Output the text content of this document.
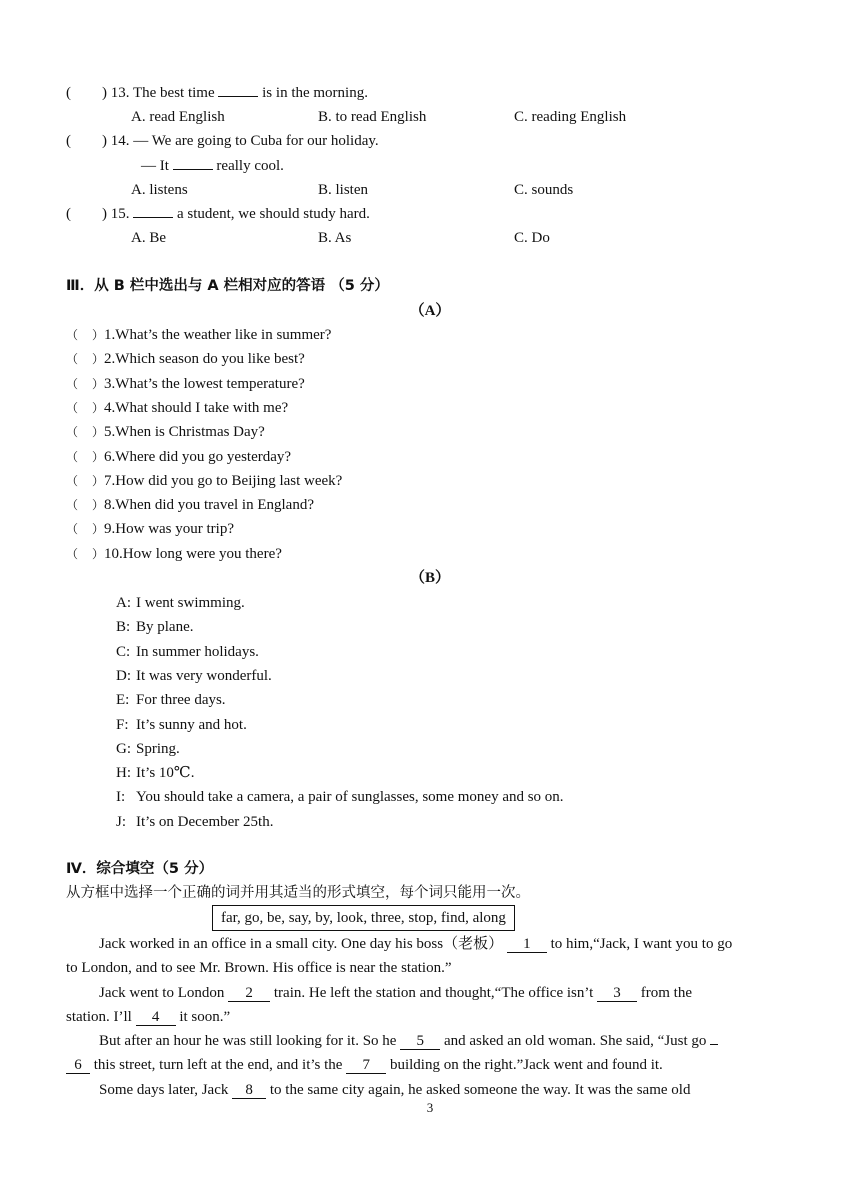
( ) 13. The best time	is in the morning.
A. read English	B. to read English	C. reading English
( ) 14. — We are going to Cuba for our holiday.
— It	really cool.
A. listens	B. listen	C. sounds
( ) 15.	a student, we should study hard.
A. Be	B. As	C. Do
Ⅲ．从 B 栏中选出与 A 栏相对应的答语 （5 分）
（A）
（ ）1.What’s the weather like in summer?
（ ）2.Which season do you like best?
（ ）3.What’s the lowest temperature?
（ ）4.What should I take with me?
（ ）5.When is Christmas Day?
（ ）6.Where did you go yesterday?
（ ）7.How did you go to Beijing last week?
（ ）8.When did you travel in England?
（ ）9.How was your trip?
（ ）10.How long were you there?
（B）
A: I went swimming.
B: By plane.
C: In summer holidays.
D: It was very wonderful.
E: For three days.
F: It’s sunny and hot.
G: Spring.
H: It’s 10℃.
I: You should take a camera, a pair of sunglasses, some money and so on.
J: It’s on December 25th.
Ⅳ．综合填空（5 分）
从方框中选择一个正确的词并用其适当的形式填空，每个词只能用一次。
far, go, be, say, by, look, three, stop, find, along
Jack worked in an office in a small city. One day his boss（老板） 1 to him,“Jack, I want you to go
to London, and to see Mr. Brown. His office is near the station.”
Jack went to London 2 train. He left the station and thought,“The office isn’t 3 from the
station. I’ll 4 it soon.”
But after an hour he was still looking for it. So he 5 and asked an old woman. She said, “Just go
6 this street, turn left at the end, and it’s the 7 building on the right.”Jack went and found it.
Some days later, Jack 8 to the same city again, he asked someone the way. It was the same old
3
